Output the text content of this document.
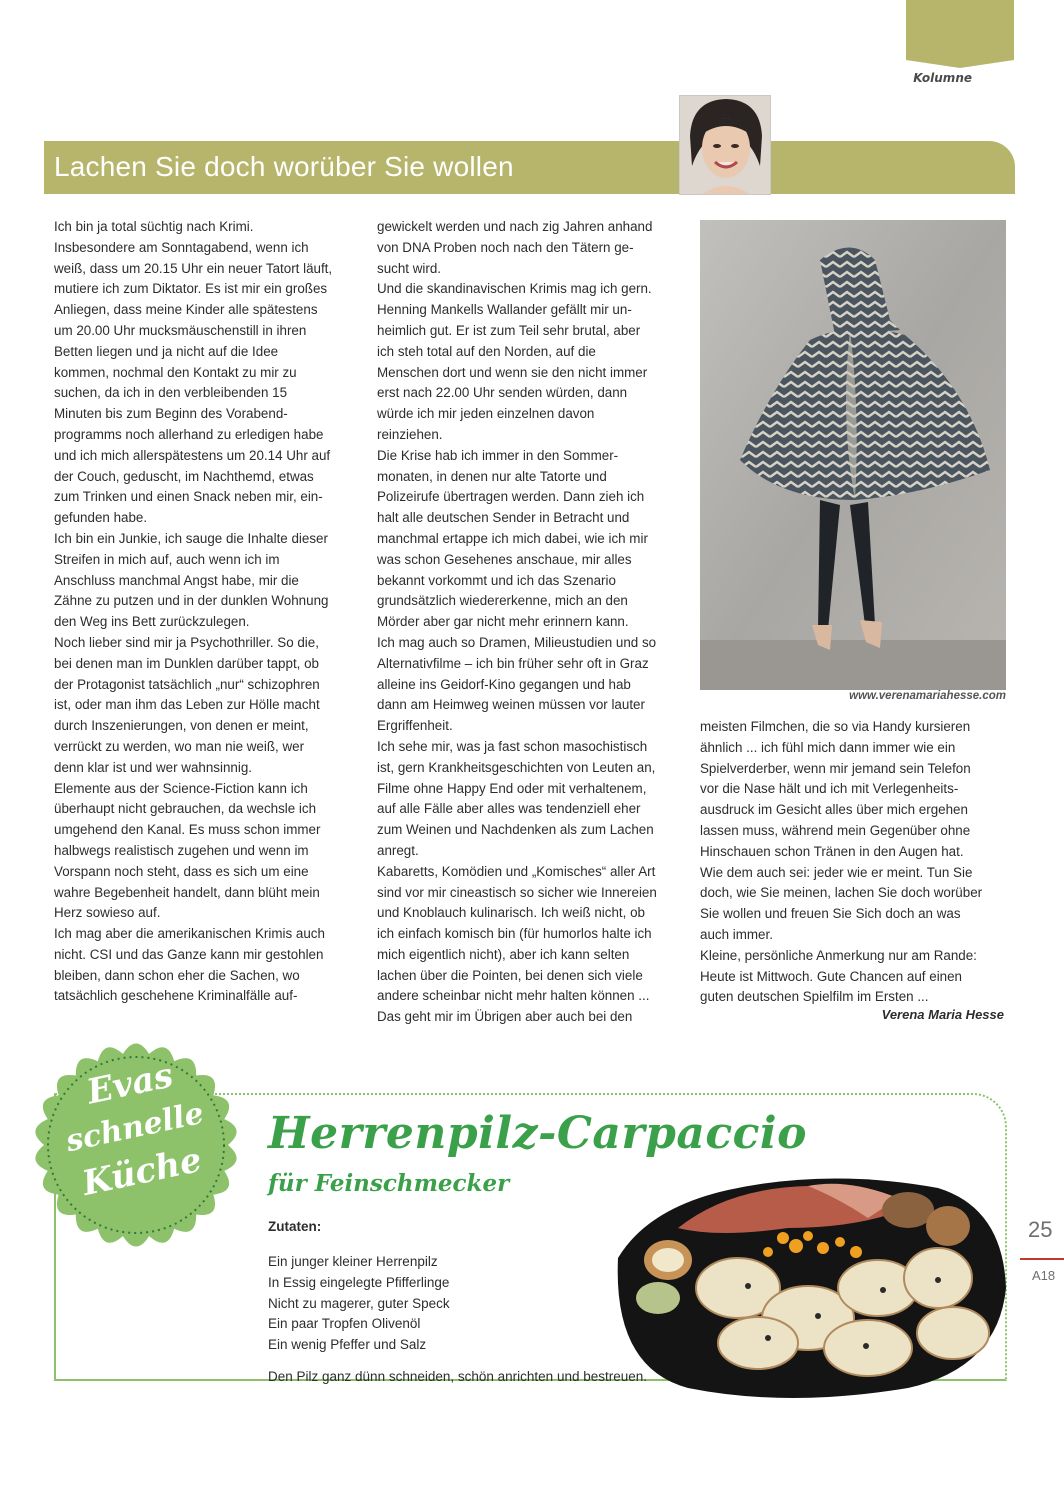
Kolumne
Lachen Sie doch worüber Sie wollen

Ich bin ja total süchtig nach Krimi.

Insbesondere am Sonntagabend, wenn ich

weiß, dass um 20.15 Uhr ein neuer Tatort läuft,

mutiere ich zum Diktator. Es ist mir ein großes

Anliegen, dass meine Kinder alle spätestens

um 20.00 Uhr mucksmäuschenstill in ihren

Betten liegen und ja nicht auf die Idee

kommen, nochmal den Kontakt zu mir zu

suchen, da ich in den verbleibenden 15

Minuten bis zum Beginn des Vorabend-

programms noch allerhand zu erledigen habe

und ich mich allerspätestens um 20.14 Uhr auf

der Couch, geduscht, im Nachthemd, etwas

zum Trinken und einen Snack neben mir, ein-

gefunden habe.

Ich bin ein Junkie, ich sauge die Inhalte dieser

Streifen in mich auf, auch wenn ich im

Anschluss manchmal Angst habe, mir die

Zähne zu putzen und in der dunklen Wohnung

den Weg ins Bett zurückzulegen.

Noch lieber sind mir ja Psychothriller. So die,

bei denen man im Dunklen darüber tappt, ob

der Protagonist tatsächlich „nur“ schizophren

ist, oder man ihm das Leben zur Hölle macht

durch Inszenierungen, von denen er meint,

verrückt zu werden, wo man nie weiß, wer

denn klar ist und wer wahnsinnig.

Elemente aus der Science-Fiction kann ich

überhaupt nicht gebrauchen, da wechsle ich

umgehend den Kanal. Es muss schon immer

halbwegs realistisch zugehen und wenn im

Vorspann noch steht, dass es sich um eine

wahre Begebenheit handelt, dann blüht mein

Herz sowieso auf.

Ich mag aber die amerikanischen Krimis auch

nicht. CSI und das Ganze kann mir gestohlen

bleiben, dann schon eher die Sachen, wo

tatsächlich geschehene Kriminalfälle auf-

gewickelt werden und nach zig Jahren anhand

von DNA Proben noch nach den Tätern ge-

sucht wird.

Und die skandinavischen Krimis mag ich gern.

Henning Mankells Wallander gefällt mir un-

heimlich gut. Er ist zum Teil sehr brutal, aber

ich steh total auf den Norden, auf die

Menschen dort und wenn sie den nicht immer

erst nach 22.00 Uhr senden würden, dann

würde ich mir jeden einzelnen davon

reinziehen.

Die Krise hab ich immer in den Sommer-

monaten, in denen nur alte Tatorte und

Polizeirufe übertragen werden. Dann zieh ich

halt alle deutschen Sender in Betracht und

manchmal ertappe ich mich dabei, wie ich mir

was schon Gesehenes anschaue, mir alles

bekannt vorkommt und ich das Szenario

grundsätzlich wiedererkenne, mich an den

Mörder aber gar nicht mehr erinnern kann.

Ich mag auch so Dramen, Milieustudien und so

Alternativfilme – ich bin früher sehr oft in Graz

alleine ins Geidorf-Kino gegangen und hab

dann am Heimweg weinen müssen vor lauter

Ergriffenheit.

Ich sehe mir, was ja fast schon masochistisch

ist, gern Krankheitsgeschichten von Leuten an,

Filme ohne Happy End oder mit verhaltenem,

auf alle Fälle aber alles was tendenziell eher

zum Weinen und Nachdenken als zum Lachen

anregt.

Kabaretts, Komödien und „Komisches“ aller Art

sind vor mir cineastisch so sicher wie Innereien

und Knoblauch kulinarisch. Ich weiß nicht, ob

ich einfach komisch bin (für humorlos halte ich

mich eigentlich nicht), aber ich kann selten

lachen über die Pointen, bei denen sich viele

andere scheinbar nicht mehr halten können ...

Das geht mir im Übrigen aber auch bei den

www.verenamariahesse.com

meisten Filmchen, die so via Handy kursieren

ähnlich ... ich fühl mich dann immer wie ein

Spielverderber, wenn mir jemand sein Telefon

vor die Nase hält und ich mit Verlegenheits-

ausdruck im Gesicht alles über mich ergehen

lassen muss, während mein Gegenüber ohne

Hinschauen schon Tränen in den Augen hat.

Wie dem auch sei: jeder wie er meint. Tun Sie

doch, wie Sie meinen, lachen Sie doch worüber

Sie wollen und freuen Sie Sich doch an was

auch immer.

Kleine, persönliche Anmerkung nur am Rande:

Heute ist Mittwoch. Gute Chancen auf einen

guten deutschen Spielfilm im Ersten ...

Verena Maria Hesse
Evas
schnelle
Küche
Herrenpilz-Carpaccio
für Feinschmecker
Zutaten:
Ein junger kleiner Herrenpilz
In Essig eingelegte Pfifferlinge
Nicht zu magerer, guter Speck
Ein paar Tropfen Olivenöl
Ein wenig Pfeffer und Salz
Den Pilz ganz dünn schneiden, schön anrichten und bestreuen.
25
A18
